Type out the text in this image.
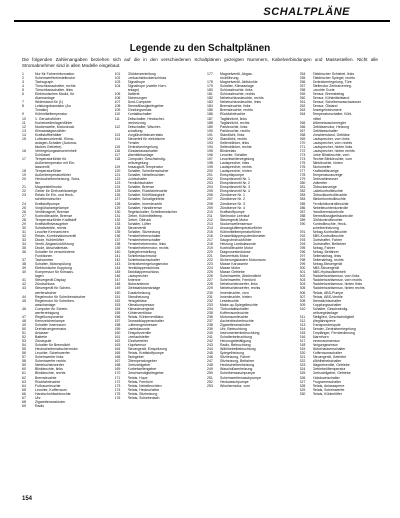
SCHALTPLÄNE
Legende zu den Schaltplänen
Die folgenden Zahlenangaben beziehen sich auf die in den verschiedenen Schaltplänen gezeigten Nummern, Kabelverbindungen und Massestellen. Nicht alle Stromabnehmer sind in allen Modelle eingebaut.
1	Nur für Fahrerinformation
2	Scheinwerfereinstellmotor
3	Tachograph
4	Türschlossschalter, rechts
5	Türschlossschalter, links
6	Elektronisches Modul, für
Alarmanlage
7	Widerstand für (1)
8	Leistungstransistor (Au
Tomatic)
9	Kühlmitteltemperatur
10	1. Geruchsfühler
11	Kurbelwellenlagenfühler
12	Nockenwelle, Motordruck
13	Klimaanlagenzähler
14	Kraftstoffbehälter
15	Luftsolenoidventil, Klima-
anlagen-Schalter (Automa-
tisches Getriebe)
16	Verriegelungssteuereinheit
Schlüssel
17	Temperaturfühler für
Außentemperatur mit Ein-
lassventil
18	Temperaturfühler
19	Außentemperaturfühler
20	Heckscheibenheizung, Scha-
lter
21	Magnetstellmotor
22	Geber für Drehzahlanzeige
23	Relais für Ein- und Heck-
scheibenwischer
24	Kraftstoffpumpe
25	Vorglühanzeigelampe
26	Ventilmagnet, Bremse
27	Kontrollleuchte, Bremse
28	Temperaturfühler Kraftstoff
29	Kraftstoffniveaugeber
30	Schaltventile, rechts
31	Leuchte Kennzeichen
32	Relais, Kombinationsventil
33	Diode, Kühlerlüfter
34	Ventil, Abgasrückführung
35	Diode, Abschaltrelais
36	Schalter für verschiedene
Funktionen
37	Tachometer
38	Schalter, Motorspülung
39	Elektronische Kupplung
40	Kompressor für Klimaan-
lagen
41	Steuergerät Display
42	Zündschloss
43	Steuergerät für Schein-
werferwischer
44	Regelmotor für Scheibenwischer
45	Regelmotor für Scheiben-
waschanlage
46	Computer für Schein-
werferreinigung
47	Regelkomponente
48	Kennzeichenlampe
49	Schalter Innenraum
50	Drehstromgenerator
51	Anlasser
52	Batterie
53	Zündspule
54	Schalter für Bremslicht
55	Heckscheibenwischermotor
56	Leuchte, Scheinwerfer
57	Scheinwerfer links
58	Scheinwerfer rechts
59	Nebelscheinwerfer
60	Blinkleuchte, links
61	Blinkleuchte, rechts
62	Bremsleuchte
63	Rückfahrleuchte
64	Fußraumleuchte
65	Leuchte, Kofferraum
66	Handschuhfachleuchte
67	Uhr
68	Zigarettenanzünder
69	Radio
101	Glühkerzenleitung
102	Lenkachsblockierschloss
103	Signalhupe
104	Signalhupe (zweite Horn-
anlage)
105	Batterie
106	Sicherungen
107	Bord-Computer
108	Bremsflüssigkeitsgeber
109	Zündungsrelais
110	Kontaktschalter
111	Zeitschalter, Heckschei-
benheizung
112	Zeitschalter, Wischer-
schaltung
113	Vorglühzeitsteuerrelais
114	Steuerteil für elektrische
Fenster
115	Zentralverriegelung
116	Zündanlassschalter
117	Warnblinkanlage
118	Computer, Geschwindig-
keitsregelung
119	Ansaugluft-Temperatur
120	Schalter, Scheibenwischer
121	Schalter, Nebelleuchten
122	Lichtschalter
123	Fernlichtschalter
124	Schalter, Bremse
125	Schalter, Rückfahrleuchte
126	Schalter, Kühlflüssigkeit
127	Schalter, Schaltgetriebe
128	Schalter, Innenleuchte
129	Schalter, Handbremse
130	Regelschalter, Scheibenwischer
131	Geber, Kühlmitteltemp.
132	Geber, Öldruck
133	Schalter, Lüfter
134	Steuerventil
135	Schalter, Sitzheizung
136	Fensterheberschalter
137	Fensterheberschalter
138	Fensterhebermotor, links
139	Fensterhebermotor, rechts
140	Spiegelverstellung
141	Schiebedachmotor
142	Schiebedachschalter
143	Zentralverriegelungsmotor
144	Heckklappenschloss
145	Tankklappenschloss
146	Lautsprecher
147	Antenne
148	Motorantenne
149	Diebstahlwarnanlage
150	Zusatzheizung
151	Standheizung
152	Heizgebläse
153	Klimakompressor
154	Klimasteuergerät
155	Kühlerventilator
156	Relais, Kühlerventilator
157	Drosselklappenschalter
158	Luftmengenmesser
159	Lambdasonde
160	Einspritzventile
161	Leerlaufsteller
162	Zündverteiler
163	Klopfsensor
164	Steuergerät, Einspritzung
165	Relais, Kraftstoffpumpe
166	Tankgeber
167	Öltemperaturgeber
168	Drehzahlgeber
169	Kurbelwellengeber
170	Geschwindigkeitsgeber
171	Relais, Hupe
172	Relais, Fernlicht
173	Relais, Nebelleuchten
174	Relais, Heckscheibe
175	Relais, Sitzheizung
176	Relais, Schiebedach
177	Magnetventil, Abgas-
rückführung
178	Magnetventil, Aktivkohle
179	Schalter, Klimaanlage
180	Schlussleuchte, links
181	Schlussleuchte, rechts
182	Nebelschlussleuchte, rechts
183	Nebelschlussleuchte, links
184	Bremsleuchte, links
185	Bremsleuchte, rechts
186	Rückfahrleuchte
187	Tagfahrlicht, links
188	Tagfahrlicht, rechts
189	Parkleuchte, links
190	Parkleuchte, rechts
191	Standlicht, links
192	Standlicht, rechts
193	Seitenblinker, links
194	Seitenblinker, rechts
195	Blinkrelais
196	Leuchte, Schalter
197	Leuchtweitenregelung
198	Lautsprecher, links
199	Lautsprecher, rechts
200	Lautsprecher, hinten
201	Einspritzpumpe
202	Einspritzventil Nr. 1
203	Einspritzventil Nr. 2
204	Einspritzventil Nr. 3
205	Einspritzventil Nr. 4
206	Zündkerze Nr. 1
207	Zündkerze Nr. 2
208	Zündkerze Nr. 3
209	Zündkerze Nr. 4
210	Kraftstoffpumpe
211	Stellmotor Leerlauf
212	Steuergerät Motor
213	Nockenwellensensor
214	Ansauglufttemperaturfühler
215	Kühlmitteltemperaturfühler
216	Drosselklappenpotentiometer
217	Saugrohrdruckfühler
218	Heizung Lambdasonde
219	Kontrollleuchte Motor
220	Diagnosesteckdose
221	Steuerrelais Motor
222	Sicherungskasten Motorraum
223	Masse Karosserie
224	Masse Motor
225	Masse Getriebe
226	Scheinwerfer, Abblendlicht
227	Scheinwerfer, Fernlicht
228	Nebelscheinwerfer, links
229	Nebelscheinwerfer, rechts
230	Innenleuchte, vorn
231	Innenleuchte, hinten
232	Leseleuchte
233	Make-up-Spiegelleuchte
234	Türkontaktschalter
235	Kofferraumleuchte
236	Motorraumleuchte
237	Aschenbecherleuchte
238	Zigarettenanzünder
239	Uhr, Beleuchtung
240	Instrumentenbeleuchtung
241	Schalterbeleuchtung
242	Heizungsbetätigung
243	Radio, Beleuchtung
244	Wählhebelbeleuchtung
245	Spiegelheizung
246	Sitzheizung, Fahrer
247	Sitzheizung, Beifahrer
248	Heckscheibenheizung
249	Waschdüsenheizung
250	Scheibenwaschpumpe
251	Scheinwerferwaschpumpe
252	Heckwaschpumpe
253	Wischermotor, vorn
254	Elektrischer Schiebel, links
255	Elektrischer Spiegel, rechts
256	Zentralverriegelung, Türe
257	Stellmotor Zentralverrieg.
258	Leuchte Gurte
259	Sensor, Bremsbelag
260	Sensor, Kühlmittelstand
261	Sensor, Scheibenwaschwasser
262	Sensor, Ölstand
263	Anzeigeinstrument
264	Temperaturschalter, Kühl-
mittel
265	Wärmetauscherregler
266	Gebläsemotor, Heizung
267	Gebläseschalter
268	Vorwiderstand, Gebläse
269	Lautsprecher, vorn links
270	Lautsprecher, vorn rechts
271	Lautsprecher, hinten links
272	Lautsprecher, hinten rechts
273	Linke Blinkleuchte, vorn
274	Rechte Blinkleuchte, vorn
275	Blinkleuchte, hinten
276	Tachometer
277	Kraftstoffanzeige
278	Temperaturanzeige
279	Drehzahlmesser
280	Voltmeter
281	Öldruckanzeige
282	Ladekontrollleuchte
283	Öldruckkontrollleuchte
284	Blinkerkontrollleuchte
285	Fernlichtkontrollleuchte
286	Nebelleuchtenkontrolle
287	Handbremskontrolle
288	Bremsflüssigkeitskontrolle
289	Glühkontrollleuchte
290	Kontrollleuchte, Heck-
scheibenheizung
291	Airbag-Kontrollleuchte
292	ABS-Kontrollleuchte
293	Gurtstraffer, Fahrer
294	Gurtstraffer, Beifahrer
295	Airbag, Fahrer
296	Airbag, Beifahrer
297	Seitenairbag, links
298	Seitenairbag, rechts
299	Airbag-Steuergerät
300	ABS-Steuergerät
301	ABS-Hydraulikeinheit
302	Raddrehzahlsensor, vorn links
303	Raddrehzahlsensor, vorn rechts
304	Raddrehzahlsensor, hinten links
305	Raddrehzahlsensor, hinten rechts
306	Relais, ABS-Pumpe
307	Relais, ABS-Ventile
308	Bremslichtschalter
309	Kupplungsschalter
310	Schalter, Geschwindig-
keitsregelanlage
311	Stellglied, Geschwindigkeit
312	Wegfahrsperre
313	Transponderspule
314	Sender, Zentralverriegelung
315	Empfänger, Fernbedienung
316	Alarmhorn
317	Innenraumsensor
318	Neigungssensor
319	Motorhaubenschalter
320	Kofferraumschalter
321	Steuergerät, Getriebe
322	Wählhebelschalter
323	Magnetventile, Getriebe
324	Getriebeöltemperatur
325	Drehzahlgeber, Getriebe
326	Kickdownschalter
327	Programmschalter
328	Relais, Anlasssperre
329	Relais, Scheinwerfer
330	Relais, Kühlerlüfter
154
